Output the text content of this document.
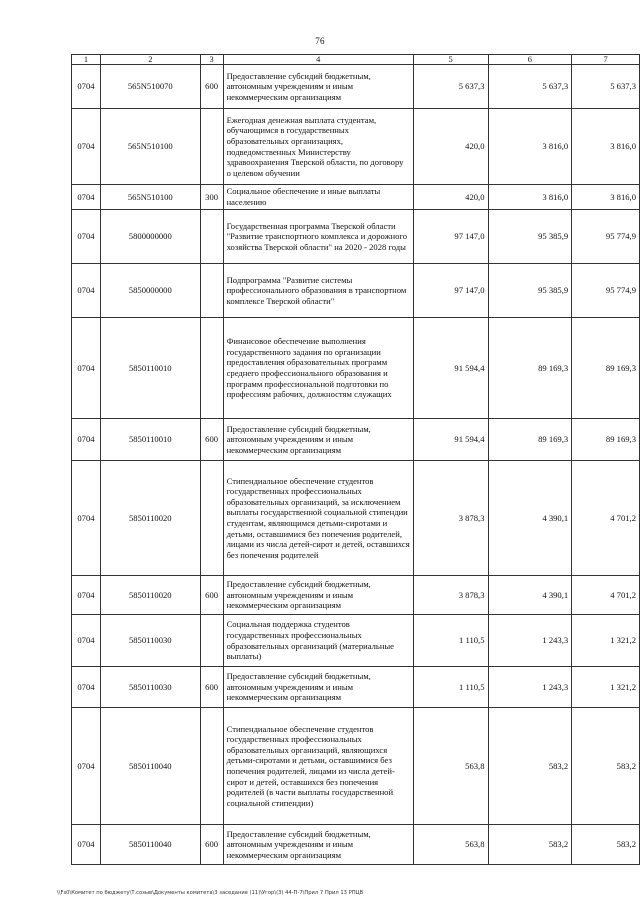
76
1	2	3	4	5	6	7
0704	565N510070	600	Предоставление субсидий бюджетным, автономным учреждениям и иным некоммерческим организациям	5 637,3	5 637,3	5 637,3
0704	565N510100		Ежегодная денежная выплата студентам, обучающимся в государственных образовательных организациях, подведомственных Министерству здравоохранения Тверской области, по договору о целевом обучении	420,0	3 816,0	3 816,0
0704	565N510100	300	Социальное обеспечение и иные выплаты населению	420,0	3 816,0	3 816,0
0704	5800000000		Государственная программа Тверской области "Развитие транспортного комплекса и дорожного хозяйства Тверской области" на 2020 - 2028 годы	97 147,0	95 385,9	95 774,9
0704	5850000000		Подпрограмма "Развитие системы профессионального образования в транспортном комплексе Тверской области"	97 147,0	95 385,9	95 774,9
0704	5850110010		Финансовое обеспечение выполнения государственного задания по организации предоставления образовательных программ среднего профессионального образования и программ профессиональной подготовки по профессиям рабочих, должностям служащих	91 594,4	89 169,3	89 169,3
0704	5850110010	600	Предоставление субсидий бюджетным, автономным учреждениям и иным некоммерческим организациям	91 594,4	89 169,3	89 169,3
0704	5850110020		Стипендиальное обеспечение студентов государственных профессиональных образовательных организаций, за исключением выплаты государственной социальной стипендии студентам, являющимся детьми-сиротами и детьми, оставшимися без попечения родителей, лицами из числа детей-сирот и детей, оставшихся без попечения родителей	3 878,3	4 390,1	4 701,2
0704	5850110020	600	Предоставление субсидий бюджетным, автономным учреждениям и иным некоммерческим организациям	3 878,3	4 390,1	4 701,2
0704	5850110030		Социальная поддержка студентов государственных профессиональных образовательных организаций (материальные выплаты)	1 110,5	1 243,3	1 321,2
0704	5850110030	600	Предоставление субсидий бюджетным, автономным учреждениям и иным некоммерческим организациям	1 110,5	1 243,3	1 321,2
0704	5850110040		Стипендиальное обеспечение студентов государственных профессиональных образовательных организаций, являющихся детьми-сиротами и детьми, оставшимися без попечения родителей, лицами из числа детей-сирот и детей, оставшихся без попечения родителей (в части выплаты государственной социальной стипендии)	563,8	583,2	583,2
0704	5850110040	600	Предоставление субсидий бюджетным, автономным учреждениям и иным некоммерческим организациям	563,8	583,2	583,2
\\Fs0\Комитет по бюджету\Т.созыв\Документы комитета\3 заседание (11)\Угор\(3) 44-П-7\Прил 7 Прил 13 РПЦВ
